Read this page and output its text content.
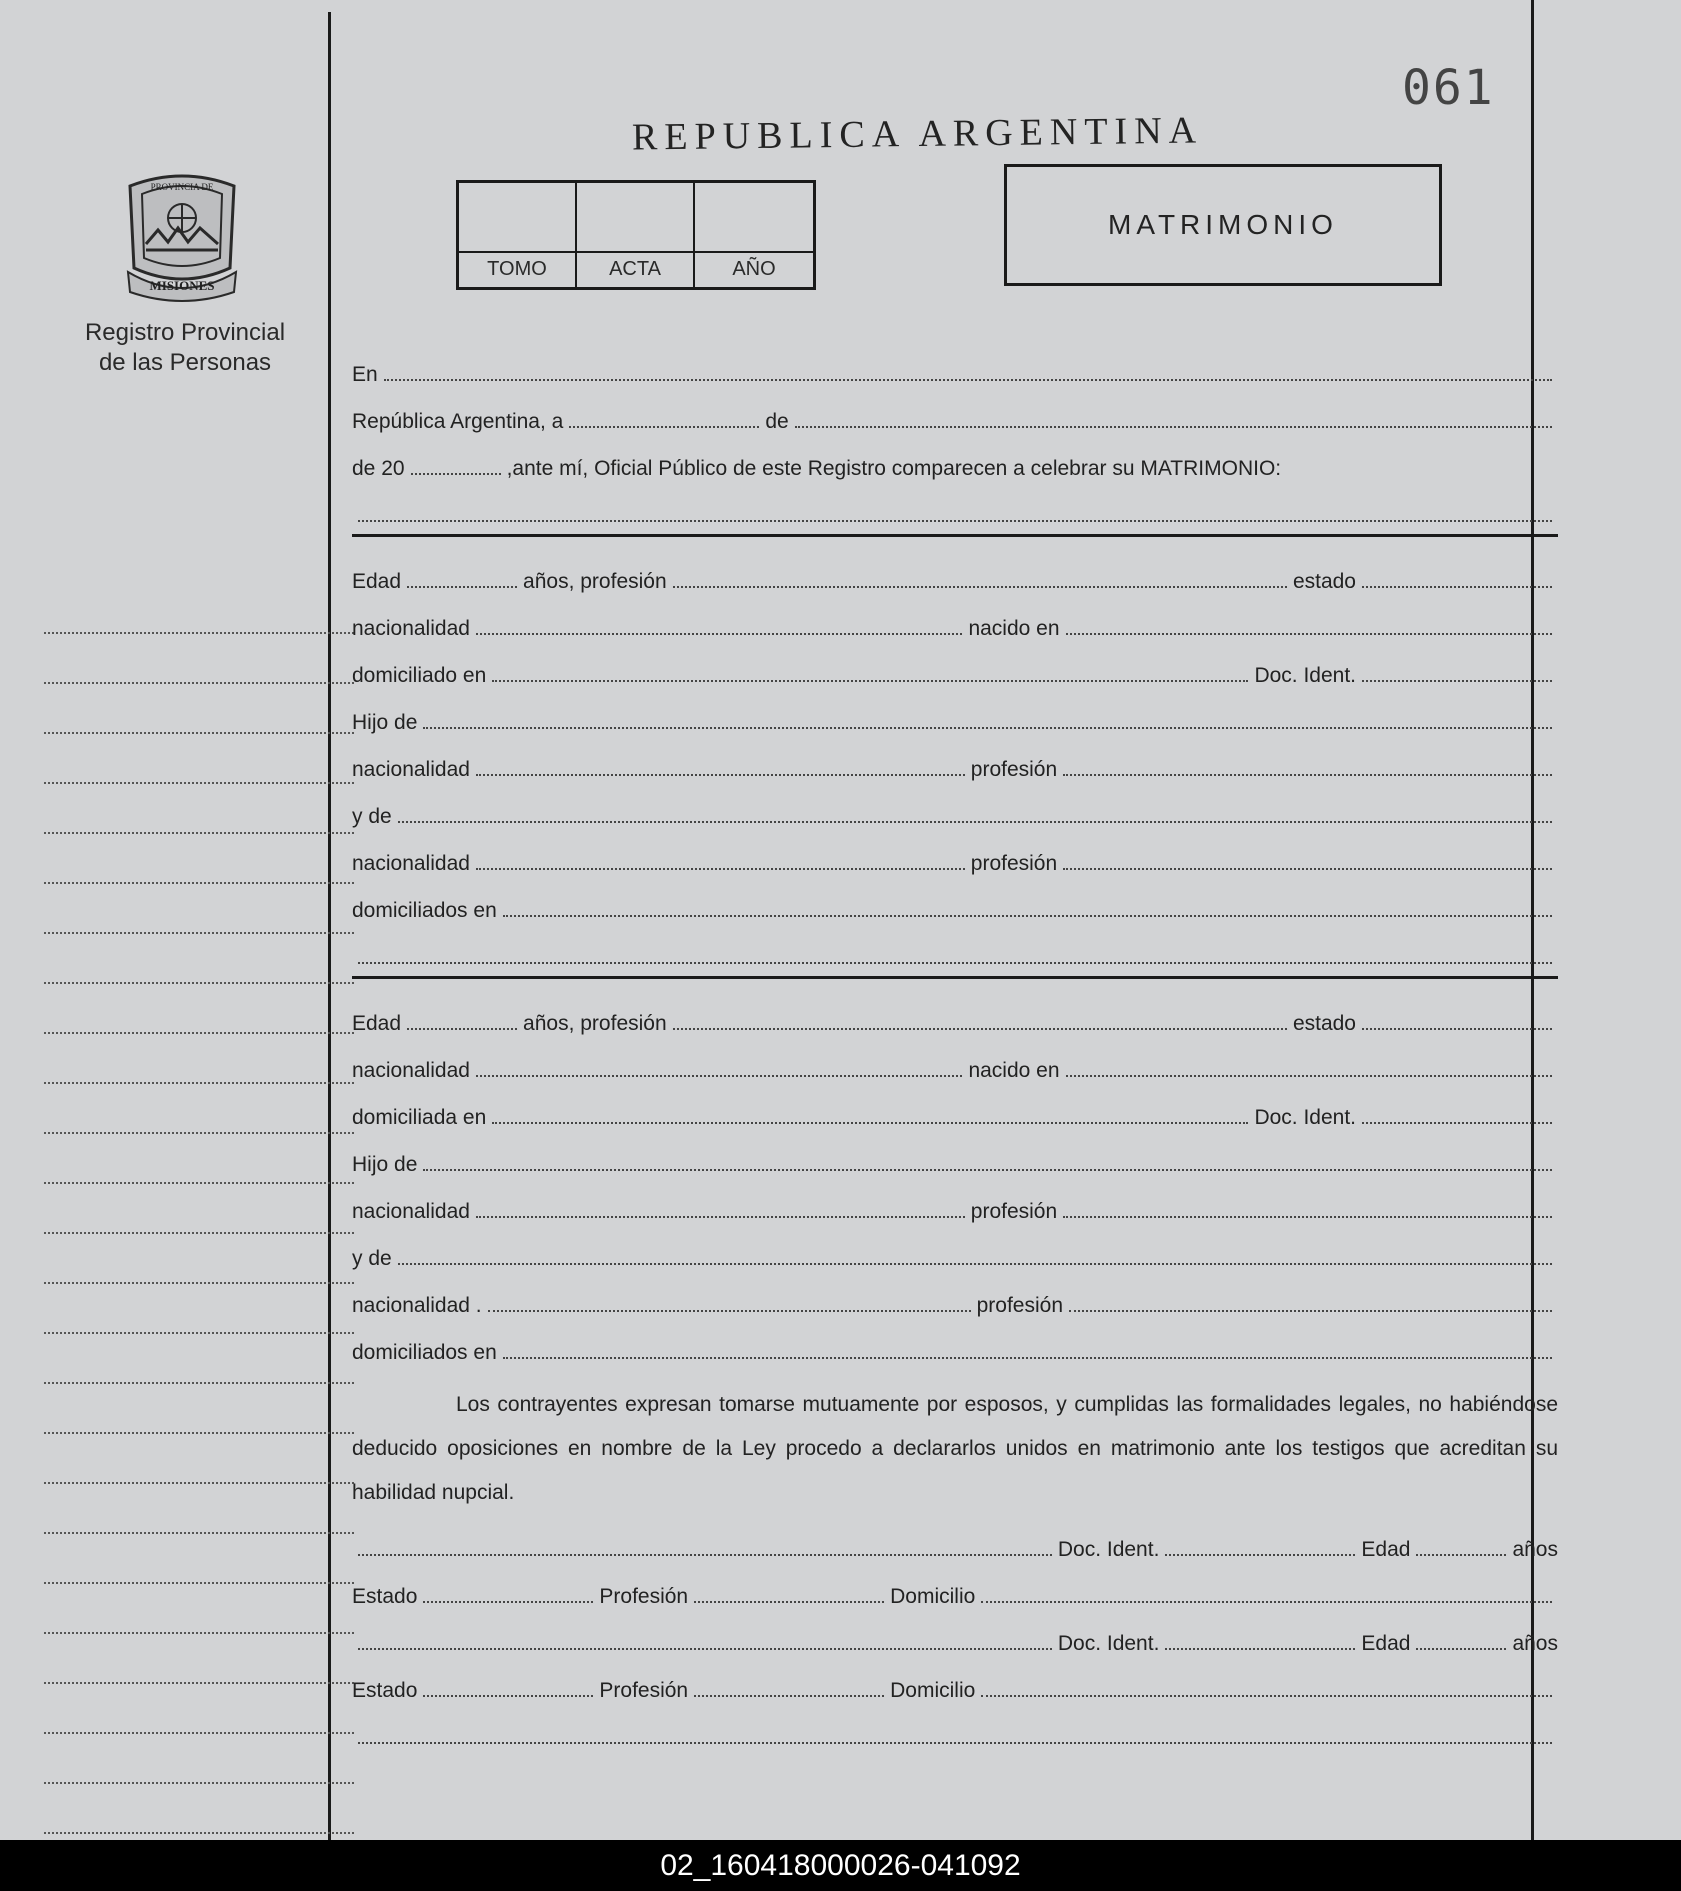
PROVINCIA DE
MISIONES
Registro Provincial
de las Personas
061
REPUBLICA ARGENTINA
TOMO	ACTA	AÑO
MATRIMONIO
En
República Argentina, a	de
de 20	,ante mí, Oficial Público de este Registro comparecen a celebrar su MATRIMONIO:
Edad	años, profesión	estado
nacionalidad	nacido en
domiciliado en	Doc. Ident.
Hijo de
nacionalidad	profesión
y de
nacionalidad	profesión
domiciliados en
Edad	años, profesión	estado
nacionalidad	nacido en
domiciliada en	Doc. Ident.
Hijo de
nacionalidad	profesión
y de
nacionalidad .	profesión
domiciliados en
Los contrayentes expresan tomarse mutuamente por esposos, y cumplidas las formalidades legales, no habiéndose deducido oposiciones en nombre de la Ley procedo a declararlos unidos en matrimonio ante los testigos que acreditan su habilidad nupcial.
Doc. Ident.	Edad	años
Estado	Profesión	Domicilio
Doc. Ident.	Edad	años
Estado	Profesión	Domicilio
02_160418000026-041092
